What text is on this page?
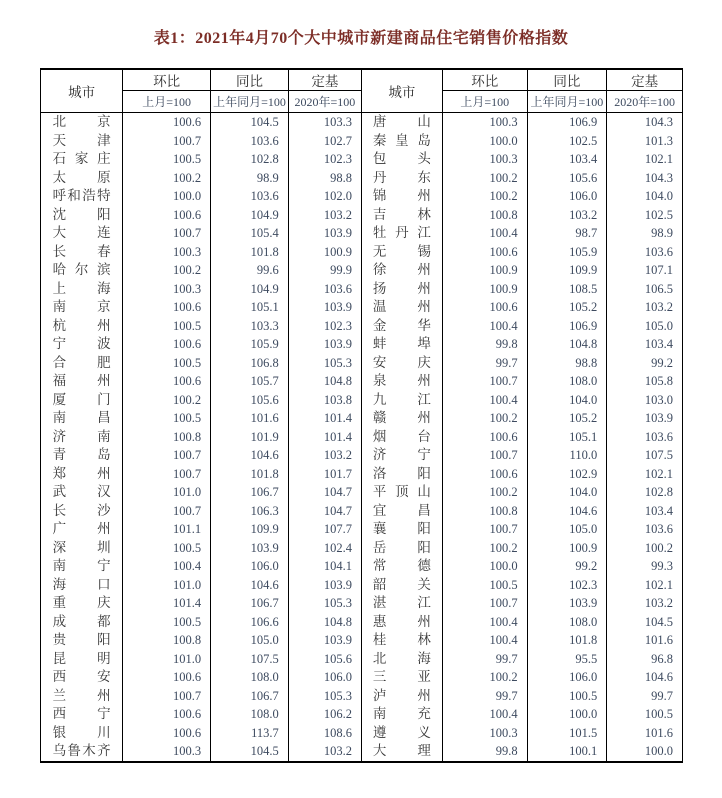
表1：2021年4月70个大中城市新建商品住宅销售价格指数
城市	环比	同比	定基	城市	环比	同比	定基
	上月=100	上年同月=100	2020年=100		上月=100	上年同月=100	2020年=100
北京	100.6	104.5	103.3	唐山	100.3	106.9	104.3
天津	100.7	103.6	102.7	秦皇岛	100.0	102.5	101.3
石家庄	100.5	102.8	102.3	包头	100.3	103.4	102.1
太原	100.2	98.9	98.8	丹东	100.2	105.6	104.3
呼和浩特	100.0	103.6	102.0	锦州	100.2	106.0	104.0
沈阳	100.6	104.9	103.2	吉林	100.8	103.2	102.5
大连	100.7	105.4	103.9	牡丹江	100.4	98.7	98.9
长春	100.3	101.8	100.9	无锡	100.6	105.9	103.6
哈尔滨	100.2	99.6	99.9	徐州	100.9	109.9	107.1
上海	100.3	104.9	103.6	扬州	100.9	108.5	106.5
南京	100.6	105.1	103.9	温州	100.6	105.2	103.2
杭州	100.5	103.3	102.3	金华	100.4	106.9	105.0
宁波	100.6	105.9	103.9	蚌埠	99.8	104.8	103.4
合肥	100.5	106.8	105.3	安庆	99.7	98.8	99.2
福州	100.6	105.7	104.8	泉州	100.7	108.0	105.8
厦门	100.2	105.6	103.8	九江	100.4	104.0	103.0
南昌	100.5	101.6	101.4	赣州	100.2	105.2	103.9
济南	100.8	101.9	101.4	烟台	100.6	105.1	103.6
青岛	100.7	104.6	103.2	济宁	100.7	110.0	107.5
郑州	100.7	101.8	101.7	洛阳	100.6	102.9	102.1
武汉	101.0	106.7	104.7	平顶山	100.2	104.0	102.8
长沙	100.7	106.3	104.7	宜昌	100.8	104.6	103.4
广州	101.1	109.9	107.7	襄阳	100.7	105.0	103.6
深圳	100.5	103.9	102.4	岳阳	100.2	100.9	100.2
南宁	100.4	106.0	104.1	常德	100.0	99.2	99.3
海口	101.0	104.6	103.9	韶关	100.5	102.3	102.1
重庆	101.4	106.7	105.3	湛江	100.7	103.9	103.2
成都	100.5	106.6	104.8	惠州	100.4	108.0	104.5
贵阳	100.8	105.0	103.9	桂林	100.4	101.8	101.6
昆明	101.0	107.5	105.6	北海	99.7	95.5	96.8
西安	100.6	108.0	106.0	三亚	100.2	106.0	104.6
兰州	100.7	106.7	105.3	泸州	99.7	100.5	99.7
西宁	100.6	108.0	106.2	南充	100.4	100.0	100.5
银川	100.6	113.7	108.6	遵义	100.3	101.5	101.6
乌鲁木齐	100.3	104.5	103.2	大理	99.8	100.1	100.0
